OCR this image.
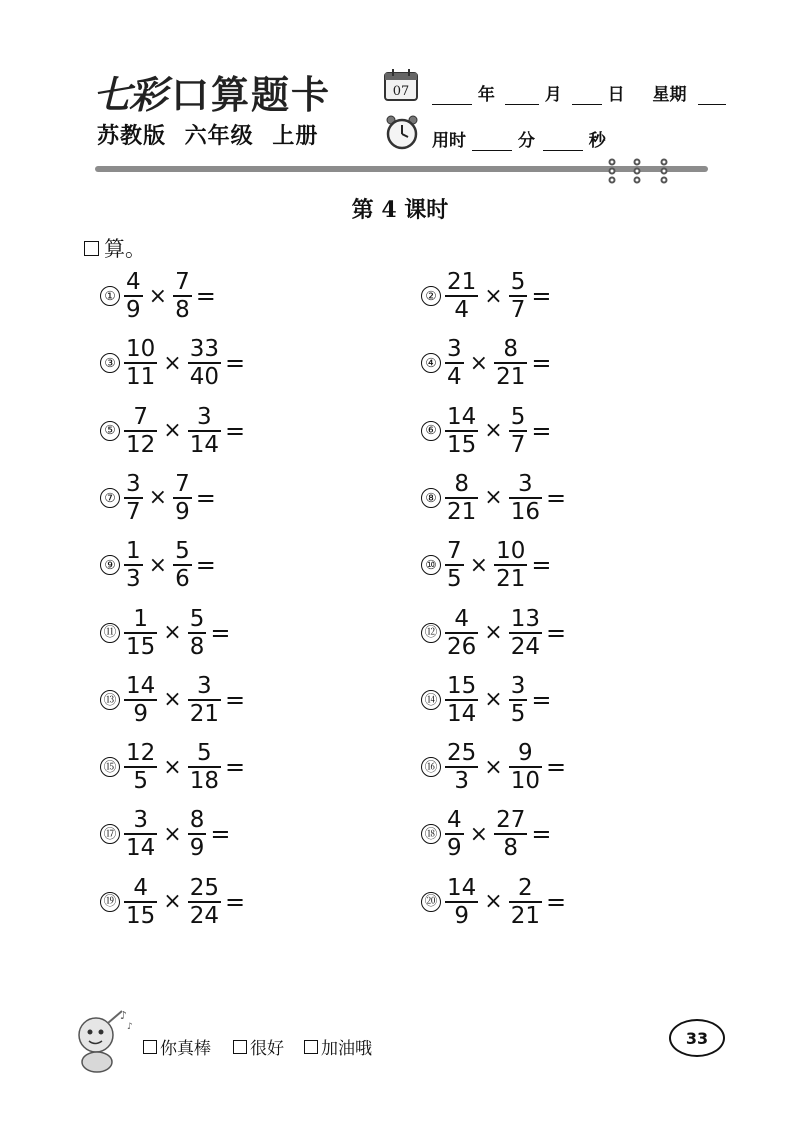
七彩 口算题卡
苏教版 六年级 上册
07	年	月	日 星期
用时	分	秒
第 4 课时
算。
① $\frac{4}{9} \times \frac{7}{8}$ =	② $\frac{21}{4} \times \frac{5}{7}$ =
③ $\frac{10}{11} \times \frac{33}{40}$ =	④ $\frac{3}{4} \times \frac{8}{21}$ =
⑤ $\frac{7}{12} \times \frac{3}{14}$ =	⑥ $\frac{14}{15} \times \frac{5}{7}$ =
⑦ $\frac{3}{7} \times \frac{7}{9}$ =	⑧ $\frac{8}{21} \times \frac{3}{16}$ =
⑨ $\frac{1}{3} \times \frac{5}{6}$ =	⑩ $\frac{7}{5} \times \frac{10}{21}$ =
⑪ $\frac{1}{15} \times \frac{5}{8}$ =	⑫ $\frac{4}{26} \times \frac{13}{24}$ =
⑬ $\frac{14}{9} \times \frac{3}{21}$ =	⑭ $\frac{15}{14} \times \frac{3}{5}$ =
⑮ $\frac{12}{5} \times \frac{5}{18}$ =	⑯ $\frac{25}{3} \times \frac{9}{10}$ =
⑰ $\frac{3}{14} \times \frac{8}{9}$ =	⑱ $\frac{4}{9} \times \frac{27}{8}$ =
⑲ $\frac{4}{15} \times \frac{25}{24}$ =	⑳ $\frac{14}{9} \times \frac{2}{21}$ =
♪
♪
你真棒 很好 加油哦
33
